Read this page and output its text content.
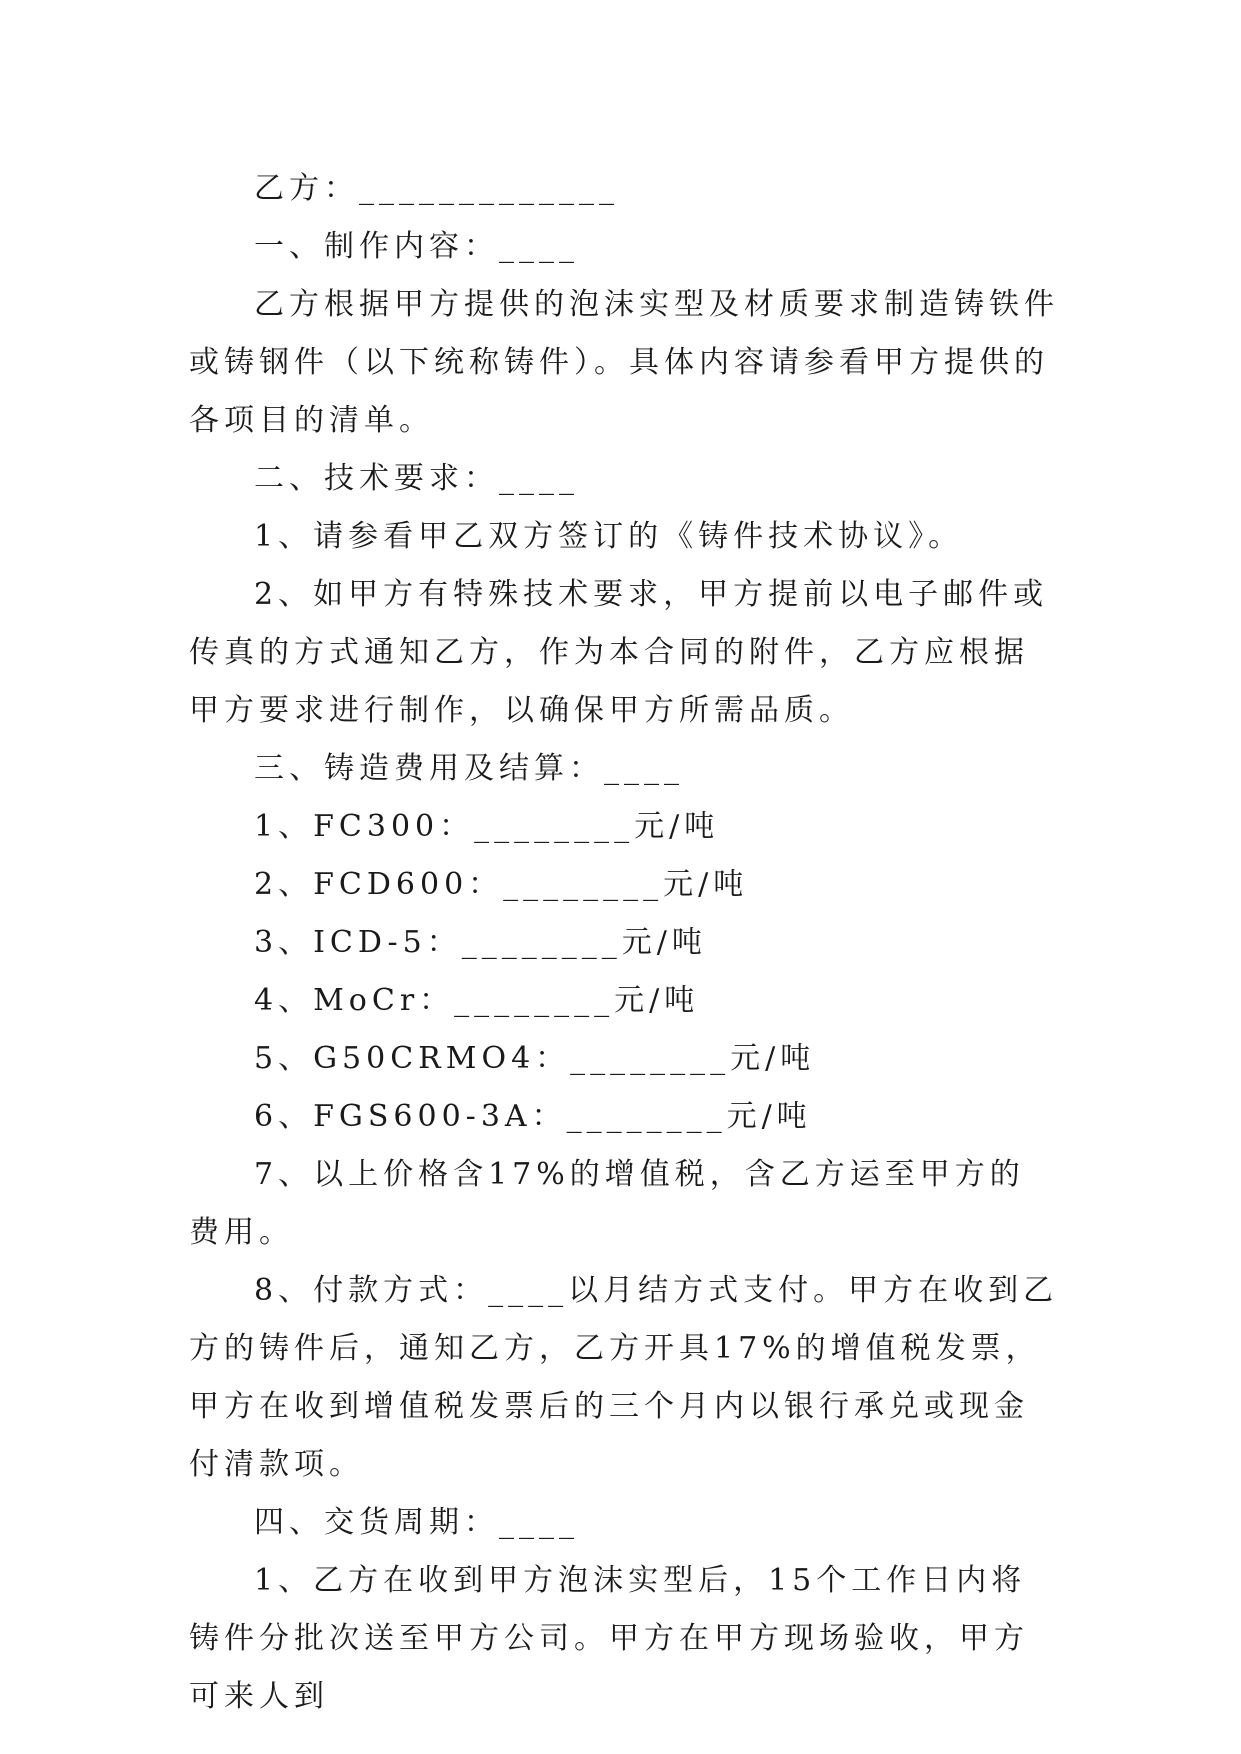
乙方：_____________

一、制作内容：____

乙方根据甲方提供的泡沫实型及材质要求制造铸铁件或铸钢件（以下统称铸件）。具体内容请参看甲方提供的各项目的清单。

二、技术要求：____

1、请参看甲乙双方签订的《铸件技术协议》。

2、如甲方有特殊技术要求，甲方提前以电子邮件或传真的方式通知乙方，作为本合同的附件，乙方应根据甲方要求进行制作，以确保甲方所需品质。

三、铸造费用及结算：____

1、FC300：________元/吨

2、FCD600：________元/吨

3、ICD-5：________元/吨

4、MoCr：________元/吨

5、G50CRMO4：________元/吨

6、FGS600-3A：________元/吨

7、以上价格含17%的增值税，含乙方运至甲方的费用。

8、付款方式：____以月结方式支付。甲方在收到乙方的铸件后，通知乙方，乙方开具17%的增值税发票，甲方在收到增值税发票后的三个月内以银行承兑或现金付清款项。

四、交货周期：____

1、乙方在收到甲方泡沫实型后，15个工作日内将铸件分批次送至甲方公司。甲方在甲方现场验收，甲方可来人到
